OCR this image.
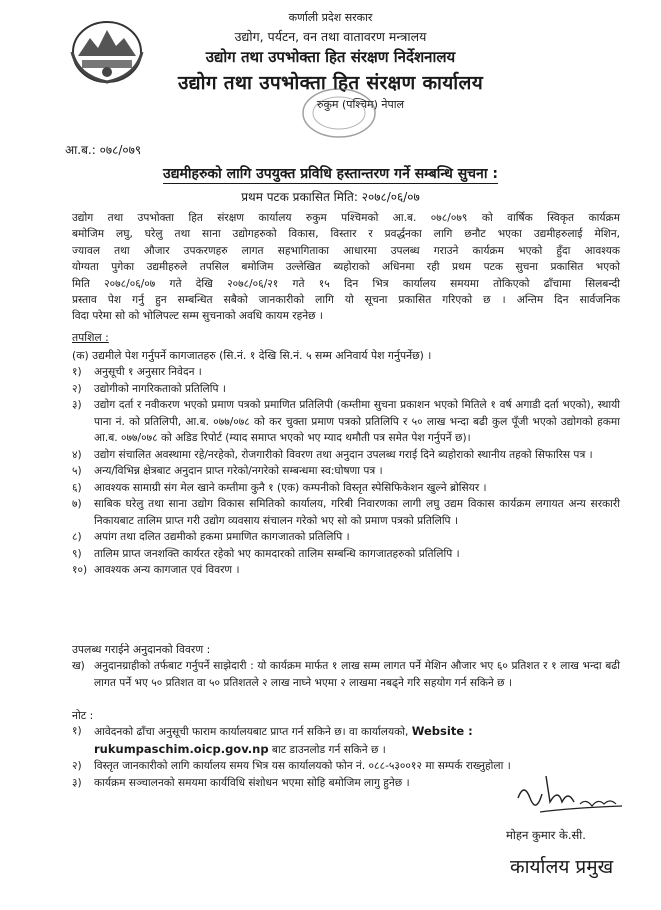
कर्णाली प्रदेश सरकार
उद्योग, पर्यटन, वन तथा वातावरण मन्त्रालय
उद्योग तथा उपभोक्ता हित संरक्षण निर्देशनालय
उद्योग तथा उपभोक्ता हित संरक्षण कार्यालय
रुकुम (पश्चिम) नेपाल
आ.ब.: ०७८/०७९
उद्यमीहरुको लागि उपयुक्त प्रविधि हस्तान्तरण गर्ने सम्बन्धि सुचना :
प्रथम पटक प्रकासित मिति: २०७८/०६/०७
उद्योग तथा उपभोक्ता हित संरक्षण कार्यालय रुकुम पश्चिमको आ.ब. ०७८/०७९ को वार्षिक स्विकृत कार्यक्रम
बमोजिम लघु, घरेलु तथा साना उद्योगहरुको विकास, विस्तार र प्रवर्द्धनका लागि छनौट भएका उद्यमीहरुलाई मेशिन,
ज्यावल तथा औजार उपकरणहरु लागत सहभागिताका आधारमा उपलब्ध गराउने कार्यक्रम भएको हुँदा आवश्यक
योग्यता पुगेका उद्यमीहरुले तपसिल बमोजिम उल्लेखित ब्यहोराको अधिनमा रही प्रथम पटक सुचना प्रकासित भएको
मिति २०७८/०६/०७ गते देखि २०७८/०६/२१ गते १५ दिन भित्र कार्यालय समयमा तोकिएको ढाँचामा सिलबन्दी
प्रस्ताव पेश गर्नु हुन सम्बन्धित सबैको जानकारीको लागि यो सूचना प्रकासित गरिएको छ । अन्तिम दिन सार्वजनिक
विदा परेमा सो को भोलिपल्ट सम्म सुचनाको अवधि कायम रहनेछ ।
तपशिल :
(क) उद्यमीले पेश गर्नुपर्ने कागजातहरु (सि.नं. १ देखि सि.नं. ५ सम्म अनिवार्य पेश गर्नुपर्नेछ) ।
१)	अनुसूची १ अनुसार निवेदन ।
२)	उद्योगीको नागरिकताको प्रतिलिपि ।
३)	उद्योग दर्ता र नवीकरण भएको प्रमाण पत्रको प्रमाणित प्रतिलिपी (कम्तीमा सुचना प्रकाशन भएको मितिले १ वर्ष अगाडी दर्ता भएको), स्थायी पाना नं. को प्रतिलिपी, आ.ब. ०७७/०७८ को कर चुक्ता प्रमाण पत्रको प्रतिलिपि र ५० लाख भन्दा बढी कुल पूँजी भएको उद्योगको हकमा आ.ब. ०७७/०७८ को अडिड रिपोर्ट (म्याद समाप्त भएको भए म्याद थमौती पत्र समेत पेश गर्नुपर्ने छ)।
४)	उद्योग संचालित अवस्थामा रहे/नरहेको, रोजगारीको विवरण तथा अनुदान उपलब्ध गराई दिने ब्यहोराको स्थानीय तहको सिफारिस पत्र ।
५)	अन्य/विभिन्न क्षेत्रबाट अनुदान प्राप्त गरेको/नगरेको सम्बन्धमा स्व:घोषणा पत्र ।
६)	आवश्यक सामाग्री संग मेल खाने कम्तीमा कुनै १ (एक) कम्पनीको विस्तृत स्पेसिफिकेशन खुल्ने ब्रोसियर ।
७)	साबिक घरेलु तथा साना उद्योग विकास समितिको कार्यालय, गरिबी निवारणका लागी लघु उद्यम विकास कार्यक्रम लगायत अन्य सरकारी निकायबाट तालिम प्राप्त गरी उद्योग व्यवसाय संचालन गरेको भए सो को प्रमाण पत्रको प्रतिलिपि ।
८)	अपांग तथा दलित उद्यमीको हकमा प्रमाणित कागजातको प्रतिलिपि ।
९)	तालिम प्राप्त जनशक्ति कार्यरत रहेको भए कामदारको तालिम सम्बन्धि कागजातहरुको प्रतिलिपि ।
१०) आवश्यक अन्य कागजात एवं विवरण ।
उपलब्ध गराईने अनुदानको विवरण :
ख) अनुदानग्राहीको तर्फबाट गर्नुपर्ने साझेदारी : यो कार्यक्रम मार्फत १ लाख सम्म लागत पर्ने मेशिन औजार भए ६० प्रतिशत र १ लाख भन्दा बढी लागत पर्ने भए ५० प्रतिशत वा ५० प्रतिशतले २ लाख नाघ्ने भएमा २ लाखमा नबढ्ने गरि सहयोग गर्न सकिने छ ।
नोट :
१)	आवेदनको ढाँचा अनुसूची फाराम कार्यालयबाट प्राप्त गर्न सकिने छ। वा कार्यालयको, Website :
rukumpaschim.oicp.gov.np बाट डाउनलोड गर्न सकिने छ ।
२)	विस्तृत जानकारीको लागि कार्यालय समय भित्र यस कार्यालयको फोन नं. ०८८-५३००१२ मा सम्पर्क राख्नुहोला ।
३)	कार्यक्रम सञ्चालनको समयमा कार्यविधि संशोधन भएमा सोहि बमोजिम लागु हुनेछ ।
मोहन कुमार के.सी.
कार्यालय प्रमुख
